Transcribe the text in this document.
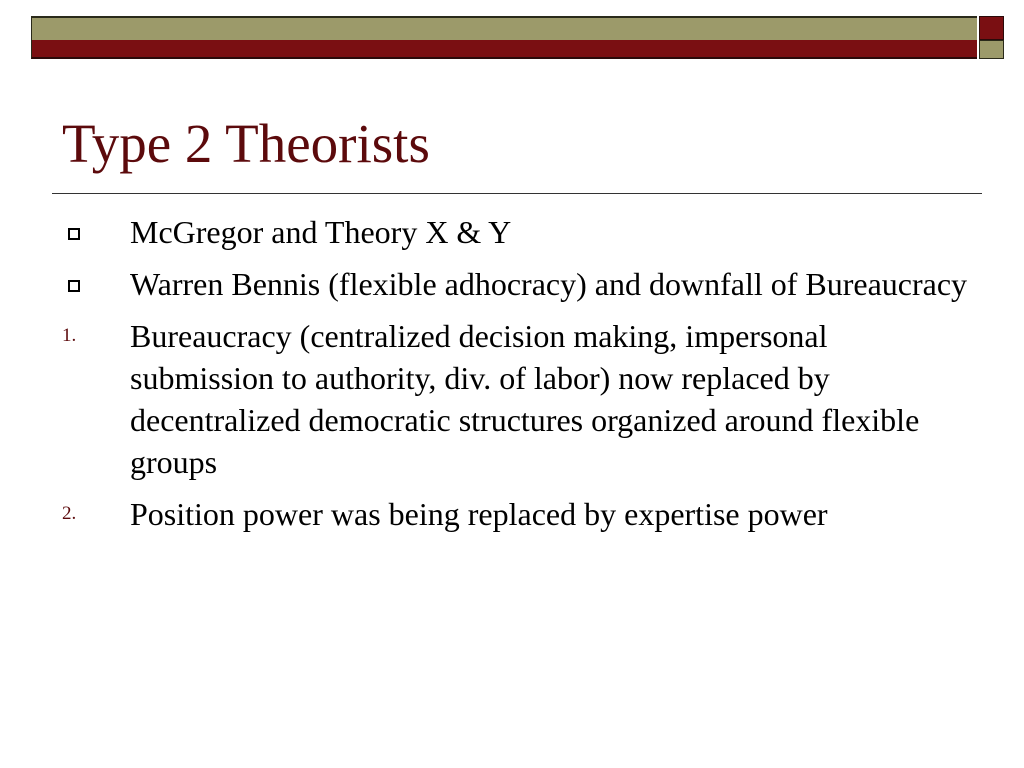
Type 2 Theorists
McGregor and Theory X & Y
Warren Bennis (flexible adhocracy) and downfall of Bureaucracy
1. Bureaucracy (centralized decision making, impersonal submission to authority, div. of labor) now replaced by decentralized democratic structures organized around flexible groups
2. Position power was being replaced by expertise power
